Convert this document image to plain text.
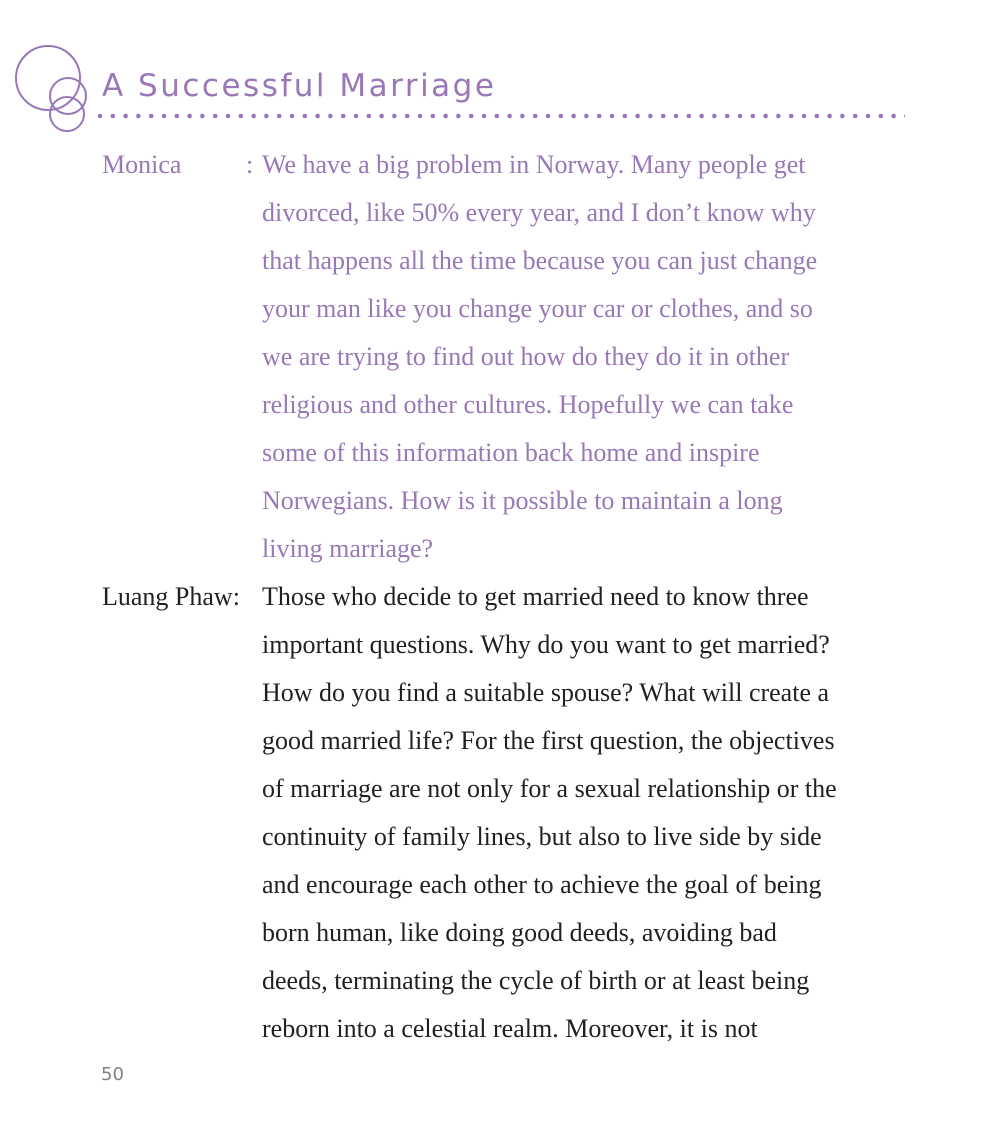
A Successful Marriage
Monica : We have a big problem in Norway. Many people get
divorced, like 50% every year, and I don’t know why
that happens all the time because you can just change
your man like you change your car or clothes, and so
we are trying to find out how do they do it in other
religious and other cultures. Hopefully we can take
some of this information back home and inspire
Norwegians. How is it possible to maintain a long
living marriage?

Luang Phaw: Those who decide to get married need to know three
important questions. Why do you want to get married?
How do you find a suitable spouse? What will create a
good married life? For the first question, the objectives
of marriage are not only for a sexual relationship or the
continuity of family lines, but also to live side by side
and encourage each other to achieve the goal of being
born human, like doing good deeds, avoiding bad
deeds, terminating the cycle of birth or at least being
reborn into a celestial realm. Moreover, it is not

50
